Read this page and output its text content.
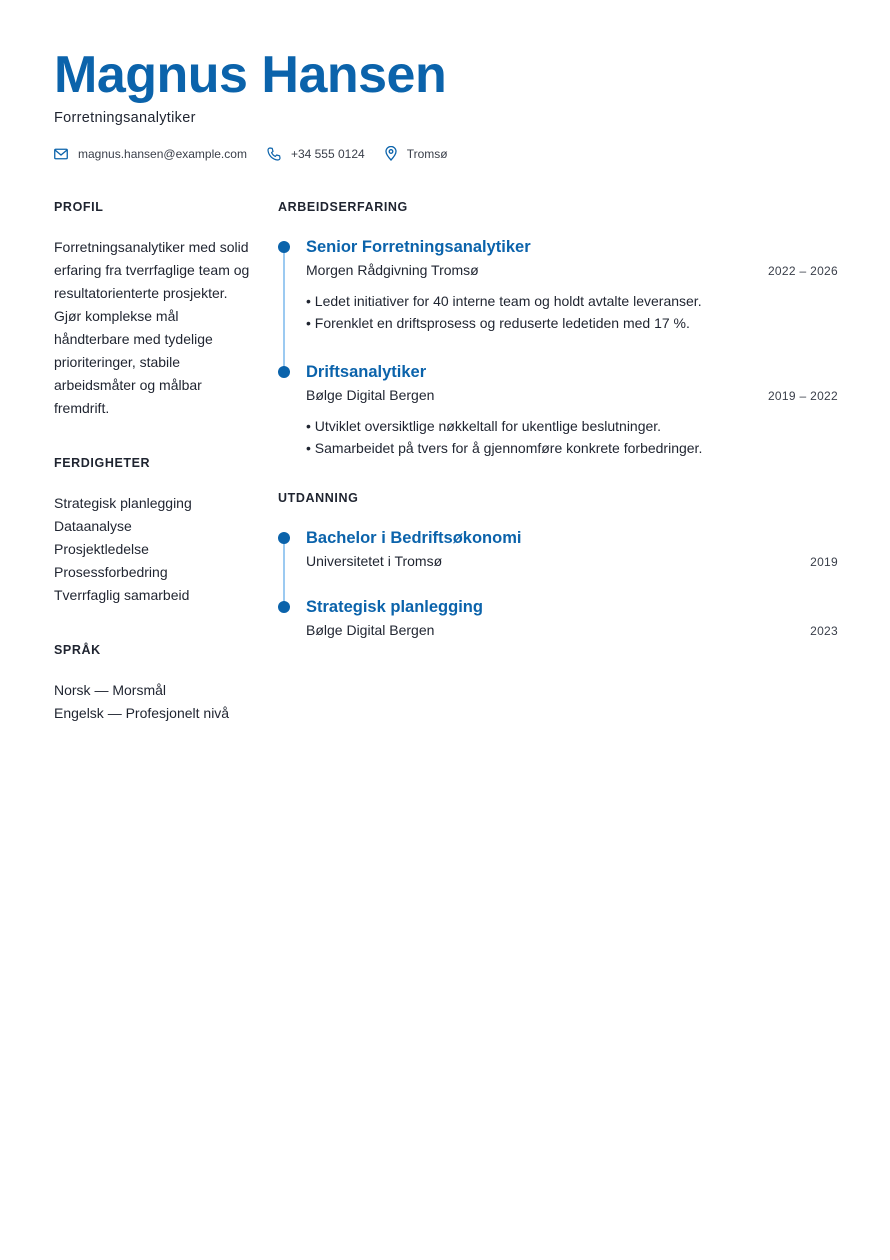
Magnus Hansen
Forretningsanalytiker
magnus.hansen@example.com	+34 555 0124	Tromsø
PROFIL

Forretningsanalytiker med solid erfaring fra tverrfaglige team og resultatorienterte prosjekter. Gjør komplekse mål håndterbare med tydelige prioriteringer, stabile arbeidsmåter og målbar fremdrift.

FERDIGHETER
Strategisk planlegging
Dataanalyse
Prosjektledelse
Prosessforbedring
Tverrfaglig samarbeid
SPRÅK
Norsk — Morsmål
Engelsk — Profesjonelt nivå
ARBEIDSERFARING
Senior Forretningsanalytiker
Morgen Rådgivning Tromsø	2022 – 2026
• Ledet initiativer for 40 interne team og holdt avtalte leveranser.
• Forenklet en driftsprosess og reduserte ledetiden med 17 %.
Driftsanalytiker
Bølge Digital Bergen	2019 – 2022
• Utviklet oversiktlige nøkkeltall for ukentlige beslutninger.
• Samarbeidet på tvers for å gjennomføre konkrete forbedringer.
UTDANNING
Bachelor i Bedriftsøkonomi
Universitetet i Tromsø	2019
Strategisk planlegging
Bølge Digital Bergen	2023
